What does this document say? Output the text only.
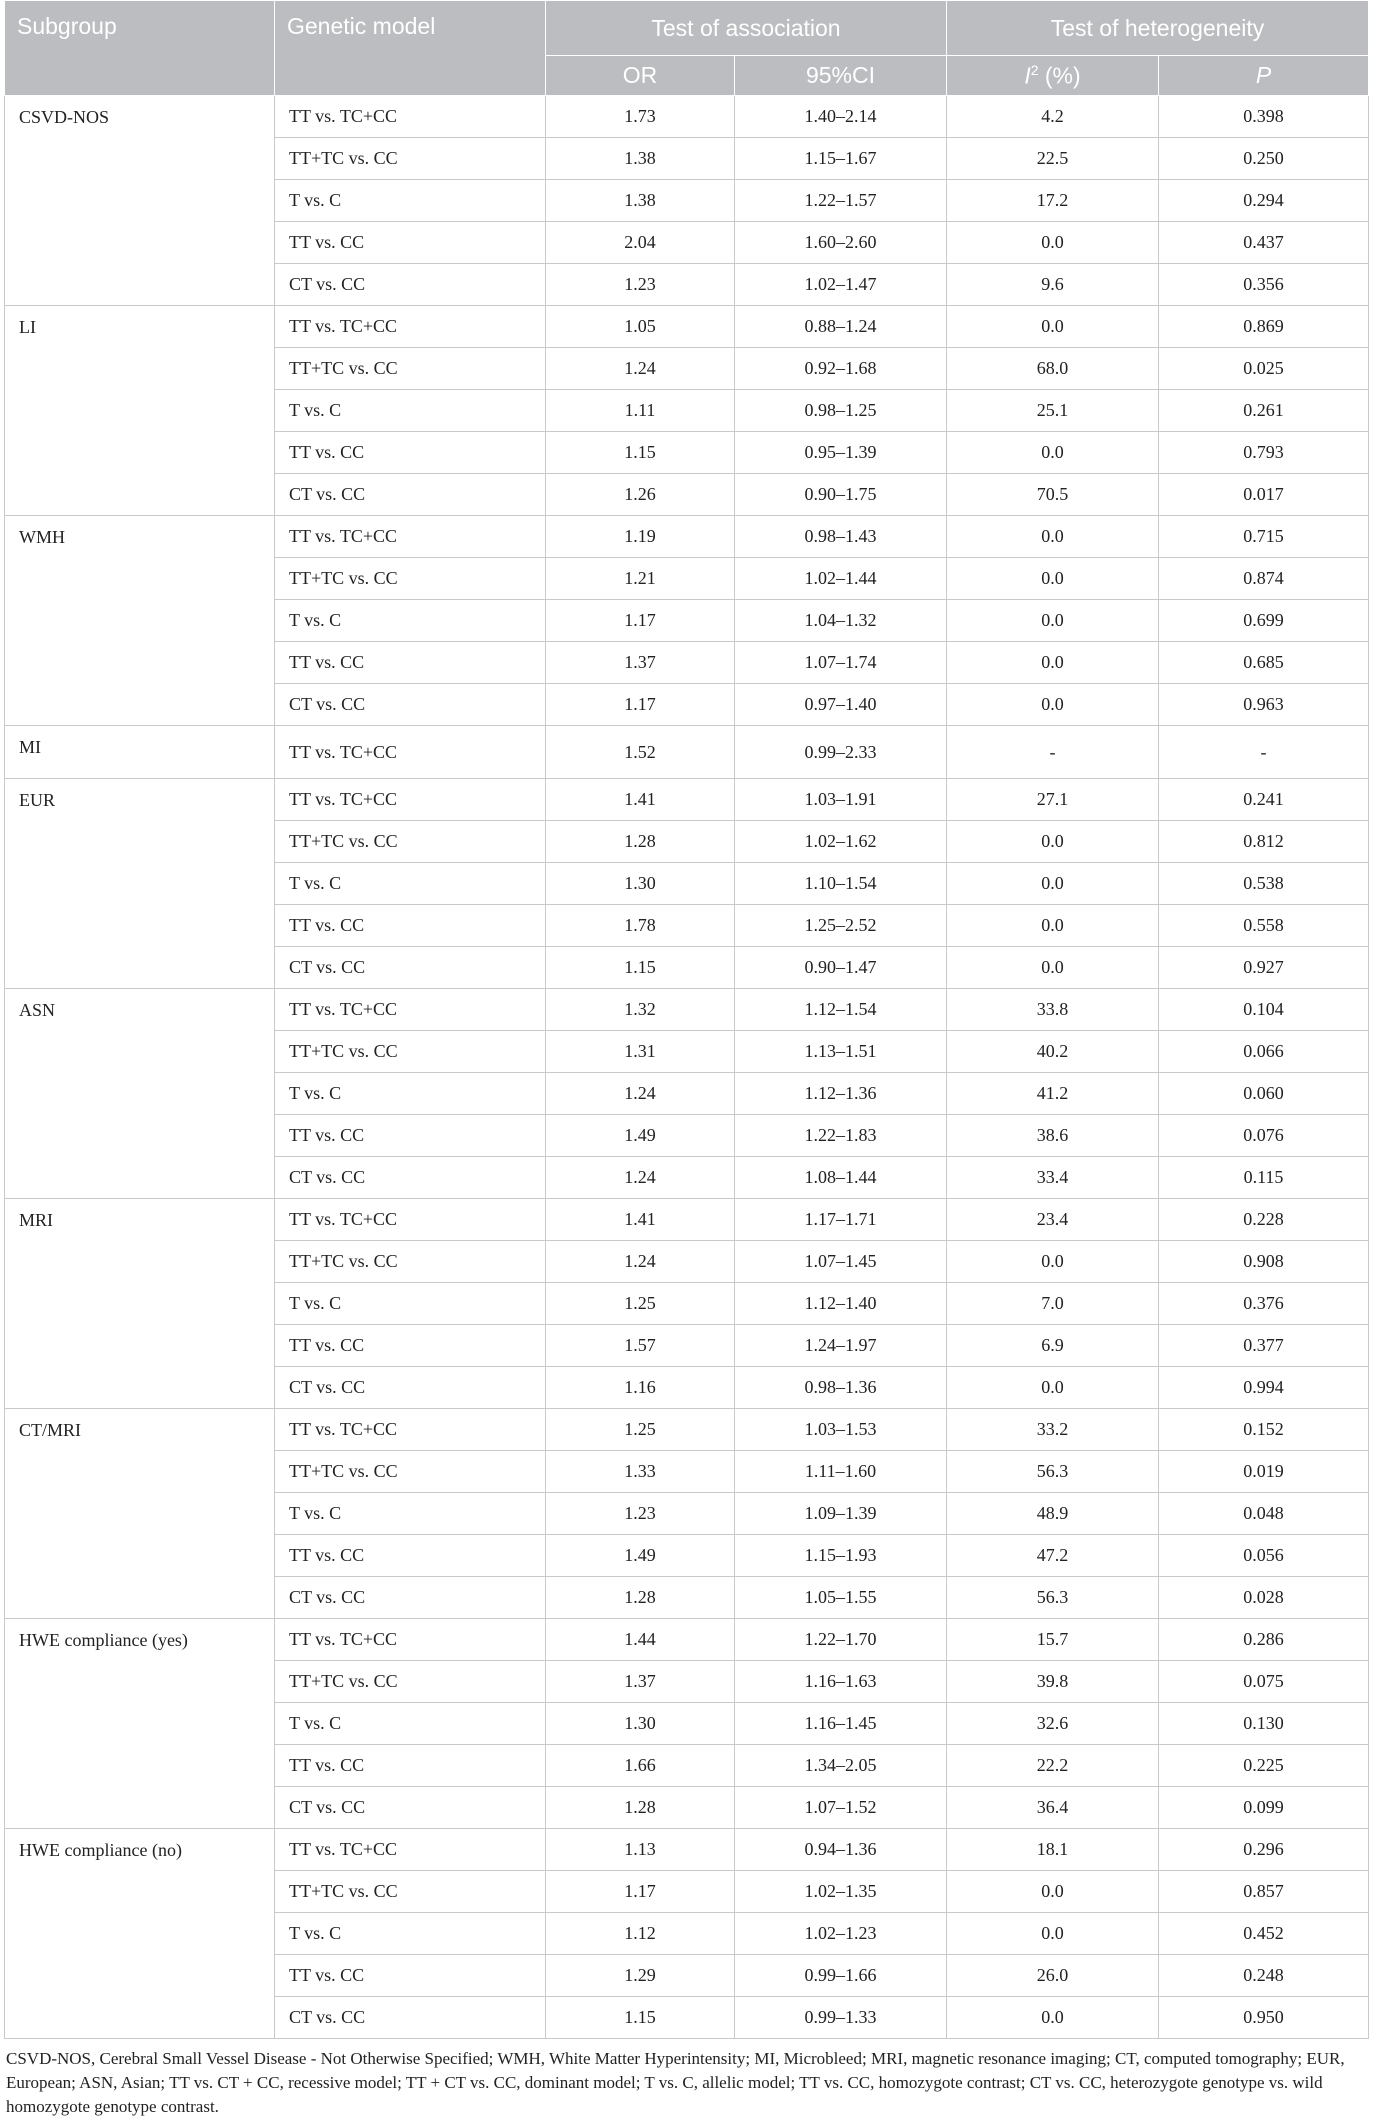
Subgroup	Genetic model	Test of association		Test of heterogeneity	
		OR	95%CI	$I^2$ (%)	P
CSVD-NOS	TT vs. TC+CC	1.73	1.40–2.14	4.2	0.398
	TT+TC vs. CC	1.38	1.15–1.67	22.5	0.250
	T vs. C	1.38	1.22–1.57	17.2	0.294
	TT vs. CC	2.04	1.60–2.60	0.0	0.437
	CT vs. CC	1.23	1.02–1.47	9.6	0.356
LI	TT vs. TC+CC	1.05	0.88–1.24	0.0	0.869
	TT+TC vs. CC	1.24	0.92–1.68	68.0	0.025
	T vs. C	1.11	0.98–1.25	25.1	0.261
	TT vs. CC	1.15	0.95–1.39	0.0	0.793
	CT vs. CC	1.26	0.90–1.75	70.5	0.017
WMH	TT vs. TC+CC	1.19	0.98–1.43	0.0	0.715
	TT+TC vs. CC	1.21	1.02–1.44	0.0	0.874
	T vs. C	1.17	1.04–1.32	0.0	0.699
	TT vs. CC	1.37	1.07–1.74	0.0	0.685
	CT vs. CC	1.17	0.97–1.40	0.0	0.963
MI	TT vs. TC+CC	1.52	0.99–2.33	-	-
EUR	TT vs. TC+CC	1.41	1.03–1.91	27.1	0.241
	TT+TC vs. CC	1.28	1.02–1.62	0.0	0.812
	T vs. C	1.30	1.10–1.54	0.0	0.538
	TT vs. CC	1.78	1.25–2.52	0.0	0.558
	CT vs. CC	1.15	0.90–1.47	0.0	0.927
ASN	TT vs. TC+CC	1.32	1.12–1.54	33.8	0.104
	TT+TC vs. CC	1.31	1.13–1.51	40.2	0.066
	T vs. C	1.24	1.12–1.36	41.2	0.060
	TT vs. CC	1.49	1.22–1.83	38.6	0.076
	CT vs. CC	1.24	1.08–1.44	33.4	0.115
MRI	TT vs. TC+CC	1.41	1.17–1.71	23.4	0.228
	TT+TC vs. CC	1.24	1.07–1.45	0.0	0.908
	T vs. C	1.25	1.12–1.40	7.0	0.376
	TT vs. CC	1.57	1.24–1.97	6.9	0.377
	CT vs. CC	1.16	0.98–1.36	0.0	0.994
CT/MRI	TT vs. TC+CC	1.25	1.03–1.53	33.2	0.152
	TT+TC vs. CC	1.33	1.11–1.60	56.3	0.019
	T vs. C	1.23	1.09–1.39	48.9	0.048
	TT vs. CC	1.49	1.15–1.93	47.2	0.056
	CT vs. CC	1.28	1.05–1.55	56.3	0.028
HWE compliance (yes)	TT vs. TC+CC	1.44	1.22–1.70	15.7	0.286
	TT+TC vs. CC	1.37	1.16–1.63	39.8	0.075
	T vs. C	1.30	1.16–1.45	32.6	0.130
	TT vs. CC	1.66	1.34–2.05	22.2	0.225
	CT vs. CC	1.28	1.07–1.52	36.4	0.099
HWE compliance (no)	TT vs. TC+CC	1.13	0.94–1.36	18.1	0.296
	TT+TC vs. CC	1.17	1.02–1.35	0.0	0.857
	T vs. C	1.12	1.02–1.23	0.0	0.452
	TT vs. CC	1.29	0.99–1.66	26.0	0.248
	CT vs. CC	1.15	0.99–1.33	0.0	0.950
CSVD-NOS, Cerebral Small Vessel Disease - Not Otherwise Specified; WMH, White Matter Hyperintensity; MI, Microbleed; MRI, magnetic resonance imaging; CT, computed tomography; EUR, European; ASN, Asian; TT vs. CT + CC, recessive model; TT + CT vs. CC, dominant model; T vs. C, allelic model; TT vs. CC, homozygote contrast; CT vs. CC, heterozygote genotype vs. wild homozygote genotype contrast.
